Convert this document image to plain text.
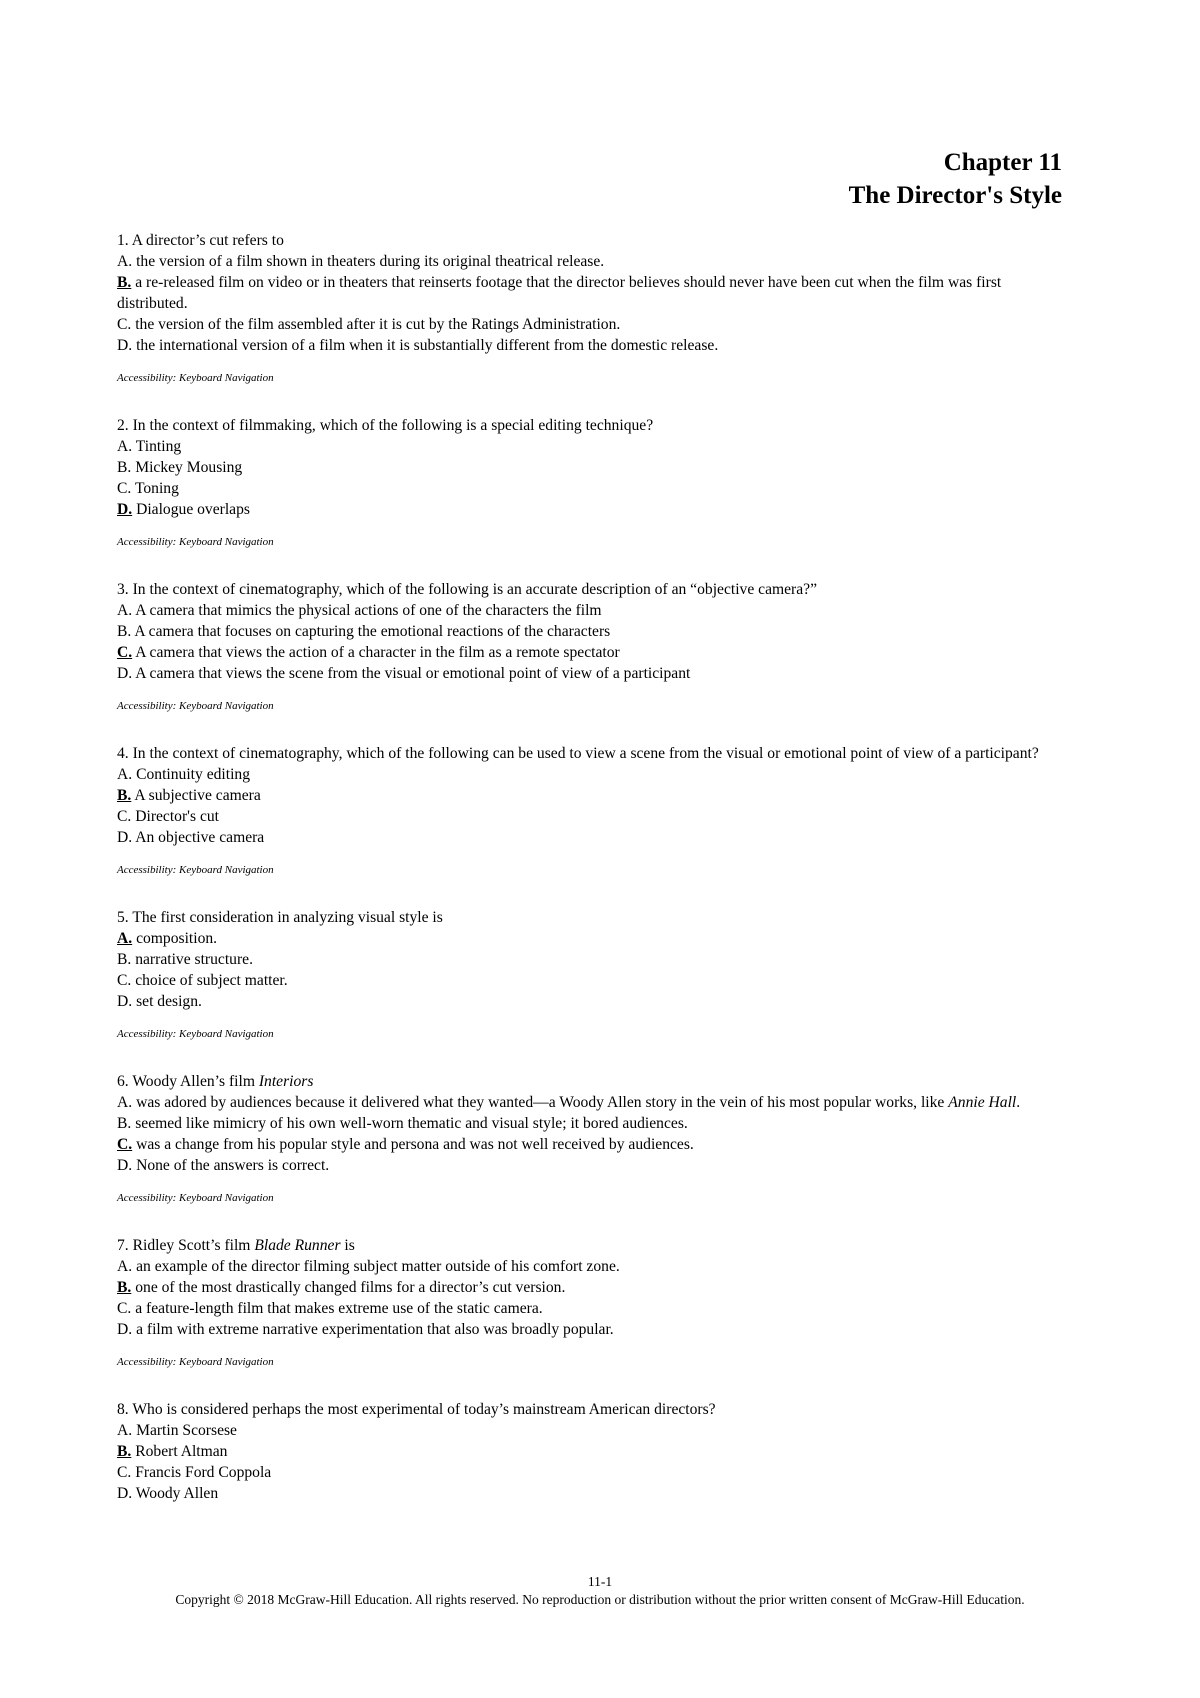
Chapter 11
The Director's Style
1. A director’s cut refers to
A. the version of a film shown in theaters during its original theatrical release.
B. a re-released film on video or in theaters that reinserts footage that the director believes should never have been cut when the film was first distributed.
C. the version of the film assembled after it is cut by the Ratings Administration.
D. the international version of a film when it is substantially different from the domestic release.
Accessibility: Keyboard Navigation
2. In the context of filmmaking, which of the following is a special editing technique?
A. Tinting
B. Mickey Mousing
C. Toning
D. Dialogue overlaps
Accessibility: Keyboard Navigation
3. In the context of cinematography, which of the following is an accurate description of an “objective camera?”
A. A camera that mimics the physical actions of one of the characters the film
B. A camera that focuses on capturing the emotional reactions of the characters
C. A camera that views the action of a character in the film as a remote spectator
D. A camera that views the scene from the visual or emotional point of view of a participant
Accessibility: Keyboard Navigation
4. In the context of cinematography, which of the following can be used to view a scene from the visual or emotional point of view of a participant?
A. Continuity editing
B. A subjective camera
C. Director's cut
D. An objective camera
Accessibility: Keyboard Navigation
5. The first consideration in analyzing visual style is
A. composition.
B. narrative structure.
C. choice of subject matter.
D. set design.
Accessibility: Keyboard Navigation
6. Woody Allen’s film Interiors
A. was adored by audiences because it delivered what they wanted—a Woody Allen story in the vein of his most popular works, like Annie Hall.
B. seemed like mimicry of his own well-worn thematic and visual style; it bored audiences.
C. was a change from his popular style and persona and was not well received by audiences.
D. None of the answers is correct.
Accessibility: Keyboard Navigation
7. Ridley Scott’s film Blade Runner is
A. an example of the director filming subject matter outside of his comfort zone.
B. one of the most drastically changed films for a director’s cut version.
C. a feature-length film that makes extreme use of the static camera.
D. a film with extreme narrative experimentation that also was broadly popular.
Accessibility: Keyboard Navigation
8. Who is considered perhaps the most experimental of today’s mainstream American directors?
A. Martin Scorsese
B. Robert Altman
C. Francis Ford Coppola
D. Woody Allen
11-1
Copyright © 2018 McGraw-Hill Education. All rights reserved. No reproduction or distribution without the prior written consent of McGraw-Hill Education.
